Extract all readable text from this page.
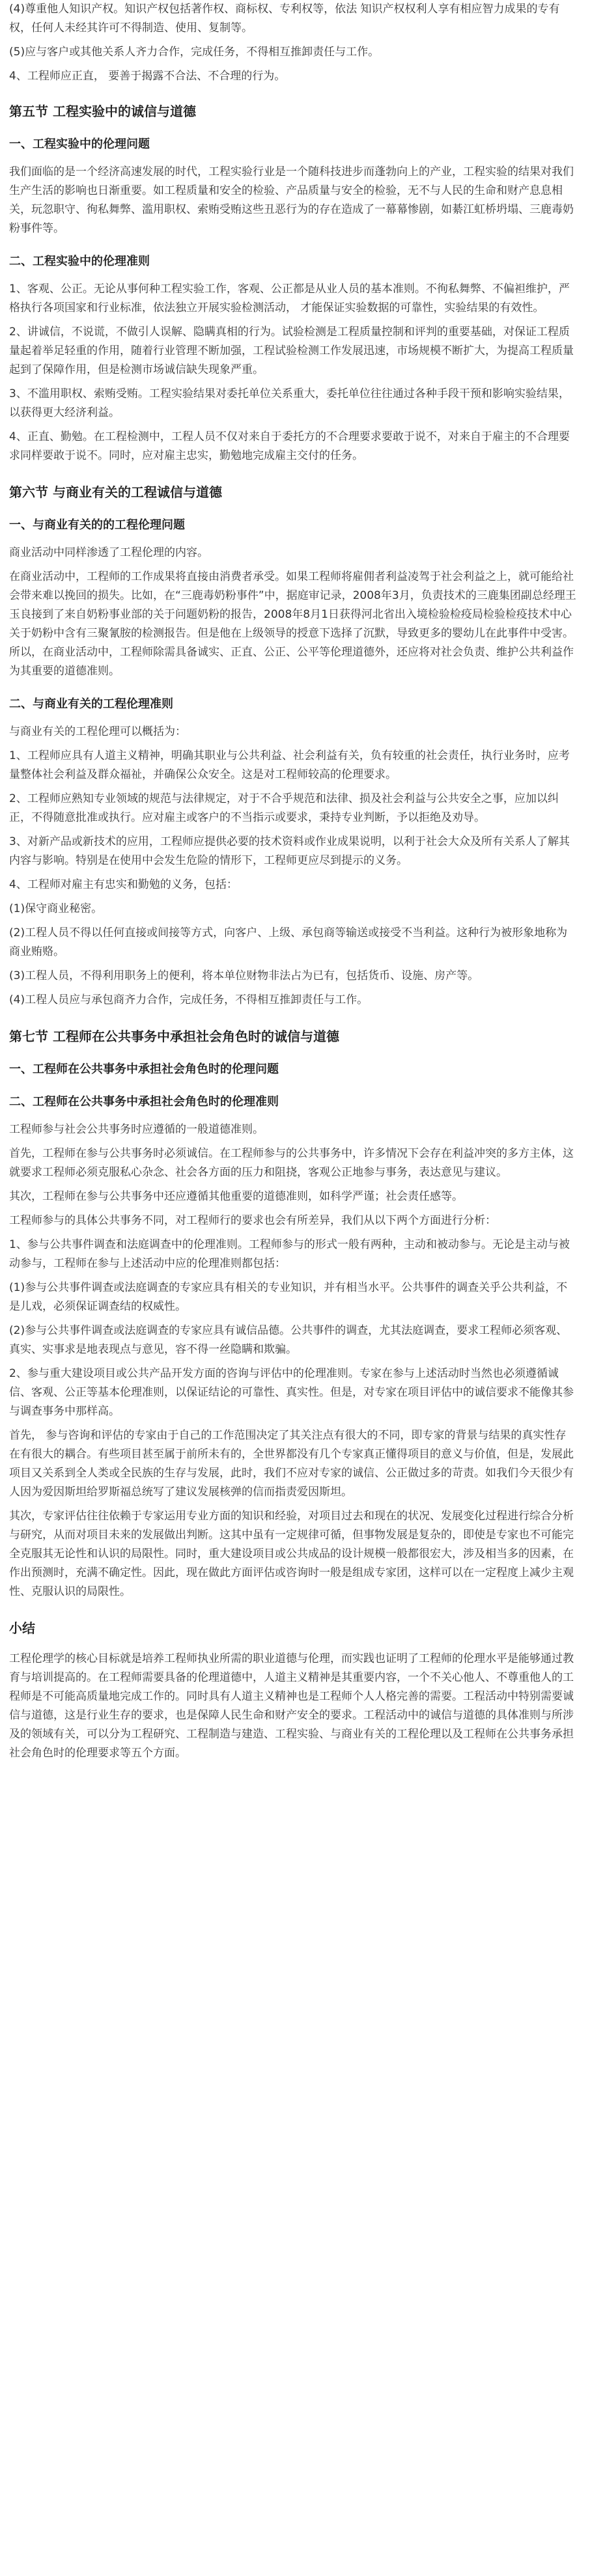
(4)尊重他人知识产权。知识产权包括著作权、商标权、专利权等，依法 知识产权权利人享有相应智力成果的专有权，任何人未经其许可不得制造、使用、复制等。

(5)应与客户或其他关系人齐力合作，完成任务，不得相互推卸责任与工作。

4、工程师应正直， 要善于揭露不合法、不合理的行为。

第五节 工程实验中的诚信与道德
一、工程实验中的伦理问题

我们面临的是一个经济高速发展的时代，工程实验行业是一个随科技进步而蓬勃向上的产业，工程实验的结果对我们生产生活的影响也日渐重要。如工程质量和安全的检验、产品质量与安全的检验，无不与人民的生命和财产息息相关，玩忽职守、徇私舞弊、滥用职权、索贿受贿这些丑恶行为的存在造成了一幕幕惨剧，如綦江虹桥坍塌、三鹿毒奶粉事件等。

二、工程实验中的伦理准则

1、客观、公正。无论从事何种工程实验工作，客观、公正都是从业人员的基本准则。不徇私舞弊、不偏袒维护，严格执行各项国家和行业标准，依法独立开展实验检测活动， 才能保证实验数据的可靠性，实验结果的有效性。

2、讲诚信，不说谎，不做引人误解、隐瞒真相的行为。试验检测是工程质量控制和评判的重要基础，对保证工程质量起着举足轻重的作用，随着行业管理不断加强，工程试验检测工作发展迅速，市场规模不断扩大，为提高工程质量起到了保障作用，但是检测市场诚信缺失现象严重。

3、不滥用职权、索贿受贿。工程实验结果对委托单位关系重大，委托单位往往通过各种手段干预和影响实验结果，以获得更大经济利益。

4、正直、勤勉。在工程检测中，工程人员不仅对来自于委托方的不合理要求要敢于说不，对来自于雇主的不合理要求同样要敢于说不。同时，应对雇主忠实，勤勉地完成雇主交付的任务。

第六节 与商业有关的工程诚信与道德
一、与商业有关的的工程伦理问题

商业活动中同样渗透了工程伦理的内容。

在商业活动中，工程师的工作成果将直接由消费者承受。如果工程师将雇佣者利益凌驾于社会利益之上，就可能给社会带来难以挽回的损失。比如，在“三鹿毒奶粉事件”中，据庭审记录，2008年3月，负责技术的三鹿集团副总经理王玉良接到了来自奶粉事业部的关于问题奶粉的报告，2008年8月1日获得河北省出入境检验检疫局检验检疫技术中心关于奶粉中含有三聚氰胺的检测报告。但是他在上级领导的授意下选择了沉默，导致更多的婴幼儿在此事件中受害。所以，在商业活动中，工程师除需具备诚实、正直、公正、公平等伦理道德外，还应将对社会负责、维护公共利益作为其重要的道德准则。

二、与商业有关的工程伦理准则

与商业有关的工程伦理可以概括为：

1、工程师应具有人道主义精神，明确其职业与公共利益、社会利益有关，负有较重的社会责任，执行业务时，应考量整体社会利益及群众福祉，并确保公众安全。这是对工程师较高的伦理要求。

2、工程师应熟知专业领域的规范与法律规定，对于不合乎规范和法律、损及社会利益与公共安全之事，应加以纠正，不得随意批准或执行。应对雇主或客户的不当指示或要求，秉持专业判断，予以拒绝及劝导。

3、对新产品或新技术的应用，工程师应提供必要的技术资料或作业成果说明，以利于社会大众及所有关系人了解其内容与影响。特别是在使用中会发生危险的情形下，工程师更应尽到提示的义务。

4、工程师对雇主有忠实和勤勉的义务，包括：

(1)保守商业秘密。

(2)工程人员不得以任何直接或间接等方式，向客户、上级、承包商等输送或接受不当利益。这种行为被形象地称为商业贿赂。

(3)工程人员，不得利用职务上的便利，将本单位财物非法占为已有，包括货币、设施、房产等。

(4)工程人员应与承包商齐力合作，完成任务，不得相互推卸责任与工作。

第七节 工程师在公共事务中承担社会角色时的诚信与道德
一、工程师在公共事务中承担社会角色时的伦理问题
二、工程师在公共事务中承担社会角色时的伦理准则

工程师参与社会公共事务时应遵循的一般道德准则。

首先，工程师在参与公共事务时必须诚信。在工程师参与的公共事务中，许多情况下会存在利益冲突的多方主体，这就要求工程师必须克服私心杂念、社会各方面的压力和阻挠，客观公正地参与事务，表达意见与建议。

其次，工程师在参与公共事务中还应遵循其他重要的道德准则，如科学严谨；社会责任感等。

工程师参与的具体公共事务不同，对工程师行的要求也会有所差异，我们从以下两个方面进行分析：

1、参与公共事件调查和法庭调查中的伦理准则。工程师参与的形式一般有两种，主动和被动参与。无论是主动与被动参与，工程师在参与上述活动中应的伦理准则都包括：

(1)参与公共事件调查或法庭调查的专家应具有相关的专业知识，并有相当水平。公共事件的调查关乎公共利益，不是儿戏，必须保证调查结的权威性。

(2)参与公共事件调查或法庭调查的专家应具有诚信品德。公共事件的调查，尤其法庭调查，要求工程师必须客观、真实、实事求是地表现点与意见，容不得一丝隐瞒和欺骗。

2、参与重大建设项目或公共产品开发方面的咨询与评估中的伦理准则。专家在参与上述活动时当然也必须遵循诚信、客观、公正等基本伦理准则，以保证结论的可靠性、真实性。但是，对专家在项目评估中的诚信要求不能像其参与调查事务中那样高。

首先， 参与咨询和评估的专家由于自己的工作范围决定了其关注点有很大的不同，即专家的背景与结果的真实性存在有很大的耦合。有些项目甚至属于前所未有的，全世界都没有几个专家真正懂得项目的意义与价值，但是，发展此项目又关系到全人类或全民族的生存与发展，此时，我们不应对专家的诚信、公正做过多的苛责。如我们今天很少有人因为爱因斯坦给罗斯福总统写了建议发展核弹的信而指责爱因斯坦。

其次，专家评估往往依赖于专家运用专业方面的知识和经验，对项目过去和现在的状况、发展变化过程进行综合分析与研究，从而对项目未来的发展做出判断。这其中虽有一定规律可循，但事物发展是复杂的，即使是专家也不可能完全克服其无论性和认识的局限性。同时，重大建设项目或公共成品的设计规模一般都很宏大，涉及相当多的因素，在作出预测时，充满不确定性。因此，现在做此方面评估或咨询时一般是组成专家团，这样可以在一定程度上减少主观性、克服认识的局限性。

小结

工程伦理学的核心目标就是培养工程师执业所需的职业道德与伦理，而实践也证明了工程师的伦理水平是能够通过教育与培训提高的。在工程师需要具备的伦理道德中，人道主义精神是其重要内容，一个不关心他人、不尊重他人的工程师是不可能高质量地完成工作的。同时具有人道主义精神也是工程师个人人格完善的需要。工程活动中特别需要诚信与道德，这是行业生存的要求，也是保障人民生命和财产安全的要求。工程活动中的诚信与道德的具体准则与所涉及的领域有关，可以分为工程研究、工程制造与建造、工程实验、与商业有关的工程伦理以及工程师在公共事务承担社会角色时的伦理要求等五个方面。
